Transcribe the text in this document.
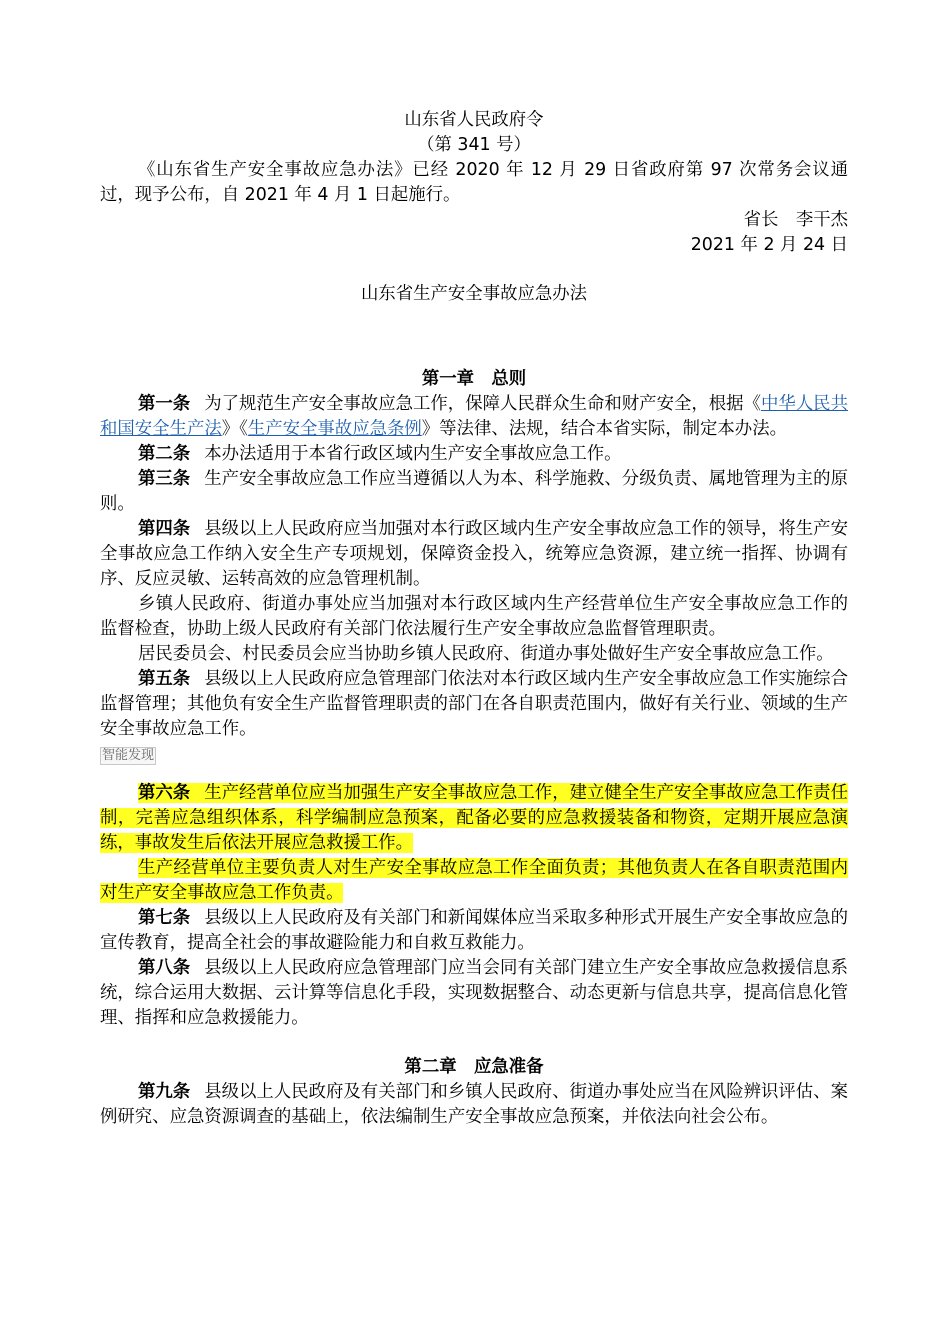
山东省人民政府令
（第 341 号）

《山东省生产安全事故应急办法》已经 2020 年 12 月 29 日省政府第 97 次常务会议通过，现予公布，自 2021 年 4 月 1 日起施行。

省长　李干杰
2021 年 2 月 24 日
山东省生产安全事故应急办法
第一章　总则

第一条 为了规范生产安全事故应急工作，保障人民群众生命和财产安全，根据《中华人民共和国安全生产法》《生产安全事故应急条例》等法律、法规，结合本省实际，制定本办法。

第二条 本办法适用于本省行政区域内生产安全事故应急工作。

第三条 生产安全事故应急工作应当遵循以人为本、科学施救、分级负责、属地管理为主的原则。

第四条 县级以上人民政府应当加强对本行政区域内生产安全事故应急工作的领导，将生产安全事故应急工作纳入安全生产专项规划，保障资金投入，统筹应急资源，建立统一指挥、协调有序、反应灵敏、运转高效的应急管理机制。

乡镇人民政府、街道办事处应当加强对本行政区域内生产经营单位生产安全事故应急工作的监督检查，协助上级人民政府有关部门依法履行生产安全事故应急监督管理职责。

居民委员会、村民委员会应当协助乡镇人民政府、街道办事处做好生产安全事故应急工作。

第五条 县级以上人民政府应急管理部门依法对本行政区域内生产安全事故应急工作实施综合监督管理；其他负有安全生产监督管理职责的部门在各自职责范围内，做好有关行业、领域的生产安全事故应急工作。

智能发现

第六条 生产经营单位应当加强生产安全事故应急工作，建立健全生产安全事故应急工作责任制，完善应急组织体系，科学编制应急预案，配备必要的应急救援装备和物资，定期开展应急演练，事故发生后依法开展应急救援工作。

生产经营单位主要负责人对生产安全事故应急工作全面负责；其他负责人在各自职责范围内对生产安全事故应急工作负责。

第七条 县级以上人民政府及有关部门和新闻媒体应当采取多种形式开展生产安全事故应急的宣传教育，提高全社会的事故避险能力和自救互救能力。

第八条 县级以上人民政府应急管理部门应当会同有关部门建立生产安全事故应急救援信息系统，综合运用大数据、云计算等信息化手段，实现数据整合、动态更新与信息共享，提高信息化管理、指挥和应急救援能力。

第二章　应急准备

第九条 县级以上人民政府及有关部门和乡镇人民政府、街道办事处应当在风险辨识评估、案例研究、应急资源调查的基础上，依法编制生产安全事故应急预案，并依法向社会公布。
